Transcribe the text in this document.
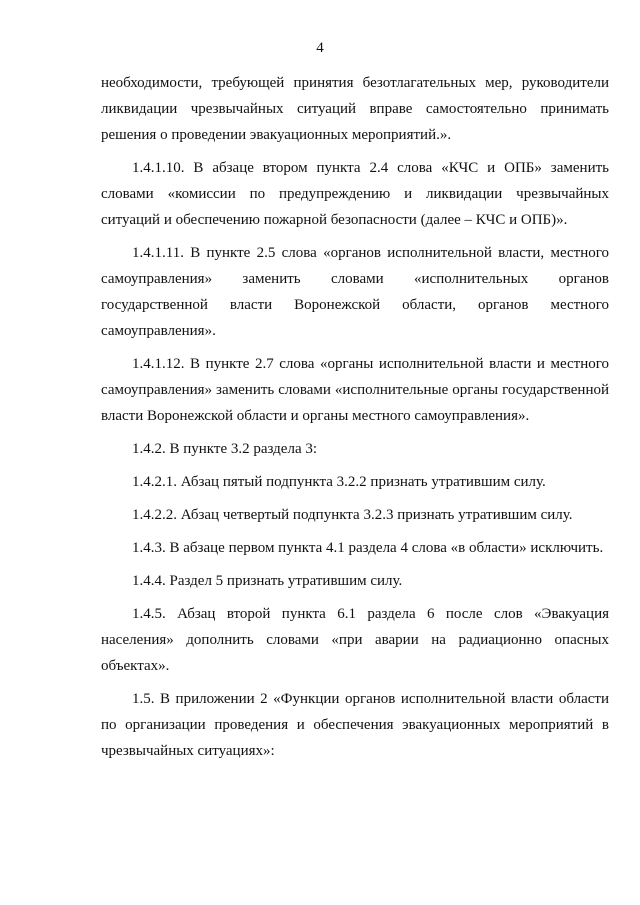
4

необходимости, требующей принятия безотлагательных мер, руководители ликвидации чрезвычайных ситуаций вправе самостоятельно принимать решения о проведении эвакуационных мероприятий.».

1.4.1.10. В абзаце втором пункта 2.4 слова «КЧС и ОПБ» заменить словами «комиссии по предупреждению и ликвидации чрезвычайных ситуаций и обеспечению пожарной безопасности (далее – КЧС и ОПБ)».

1.4.1.11. В пункте 2.5 слова «органов исполнительной власти, местного самоуправления» заменить словами «исполнительных органов государственной власти Воронежской области, органов местного самоуправления».

1.4.1.12. В пункте 2.7 слова «органы исполнительной власти и местного самоуправления» заменить словами «исполнительные органы государственной власти Воронежской области и органы местного самоуправления».

1.4.2. В пункте 3.2 раздела 3:

1.4.2.1. Абзац пятый подпункта 3.2.2 признать утратившим силу.

1.4.2.2. Абзац четвертый подпункта 3.2.3 признать утратившим силу.

1.4.3. В абзаце первом пункта 4.1 раздела 4 слова «в области» исключить.

1.4.4. Раздел 5 признать утратившим силу.

1.4.5. Абзац второй пункта 6.1 раздела 6 после слов «Эвакуация населения» дополнить словами «при аварии на радиационно опасных объектах».

1.5. В приложении 2 «Функции органов исполнительной власти области по организации проведения и обеспечения эвакуационных мероприятий в чрезвычайных ситуациях»:
